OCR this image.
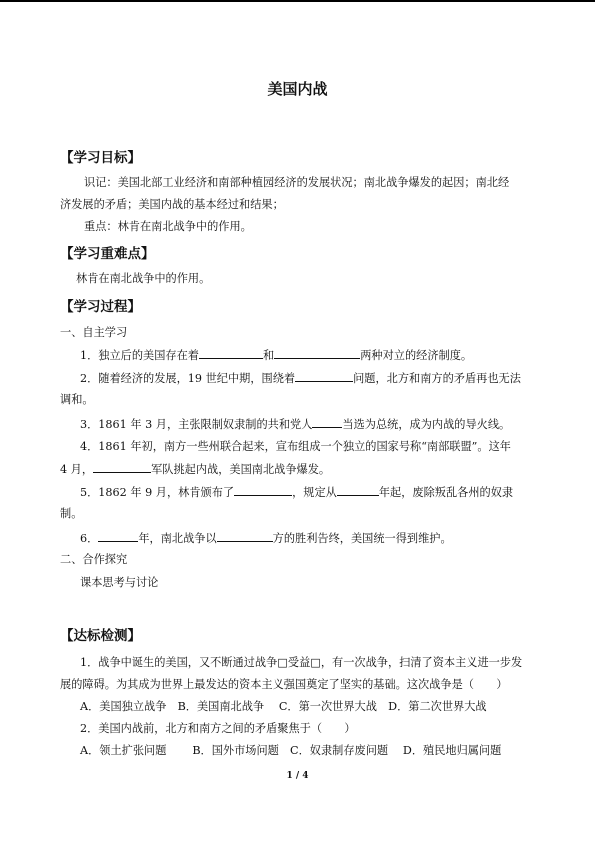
美国内战
【学习目标】
识记：美国北部工业经济和南部种植园经济的发展状况；南北战争爆发的起因；南北经
济发展的矛盾；美国内战的基本经过和结果；
重点：林肯在南北战争中的作用。
【学习重难点】
林肯在南北战争中的作用。
【学习过程】
一、自主学习
1．独立后的美国存在着	和	两种对立的经济制度。
2．随着经济的发展，19 世纪中期，围绕着	问题，北方和南方的矛盾再也无法
调和。
3．1861 年 3 月，主张限制奴隶制的共和党人	当选为总统，成为内战的导火线。
4．1861 年初，南方一些州联合起来，宣布组成一个独立的国家号称“南部联盟”。这年
4 月，	军队挑起内战，美国南北战争爆发。
5．1862 年 9 月，林肯颁布了	，规定从	年起，废除叛乱各州的奴隶
制。
6．	年，南北战争以	方的胜利告终，美国统一得到维护。
二、合作探究
课本思考与讨论
【达标检测】
1．战争中诞生的美国，又不断通过战争□受益□，有一次战争，扫清了资本主义进一步发
展的障碍。为其成为世界上最发达的资本主义强国奠定了坚实的基础。这次战争是（　　）
A．美国独立战争　B．美国南北战争　 C．第一次世界大战　D．第二次世界大战
2．美国内战前，北方和南方之间的矛盾聚焦于（　　）
A．领土扩张问题　　 B．国外市场问题　C．奴隶制存废问题　 D．殖民地归属问题
1 / 4
